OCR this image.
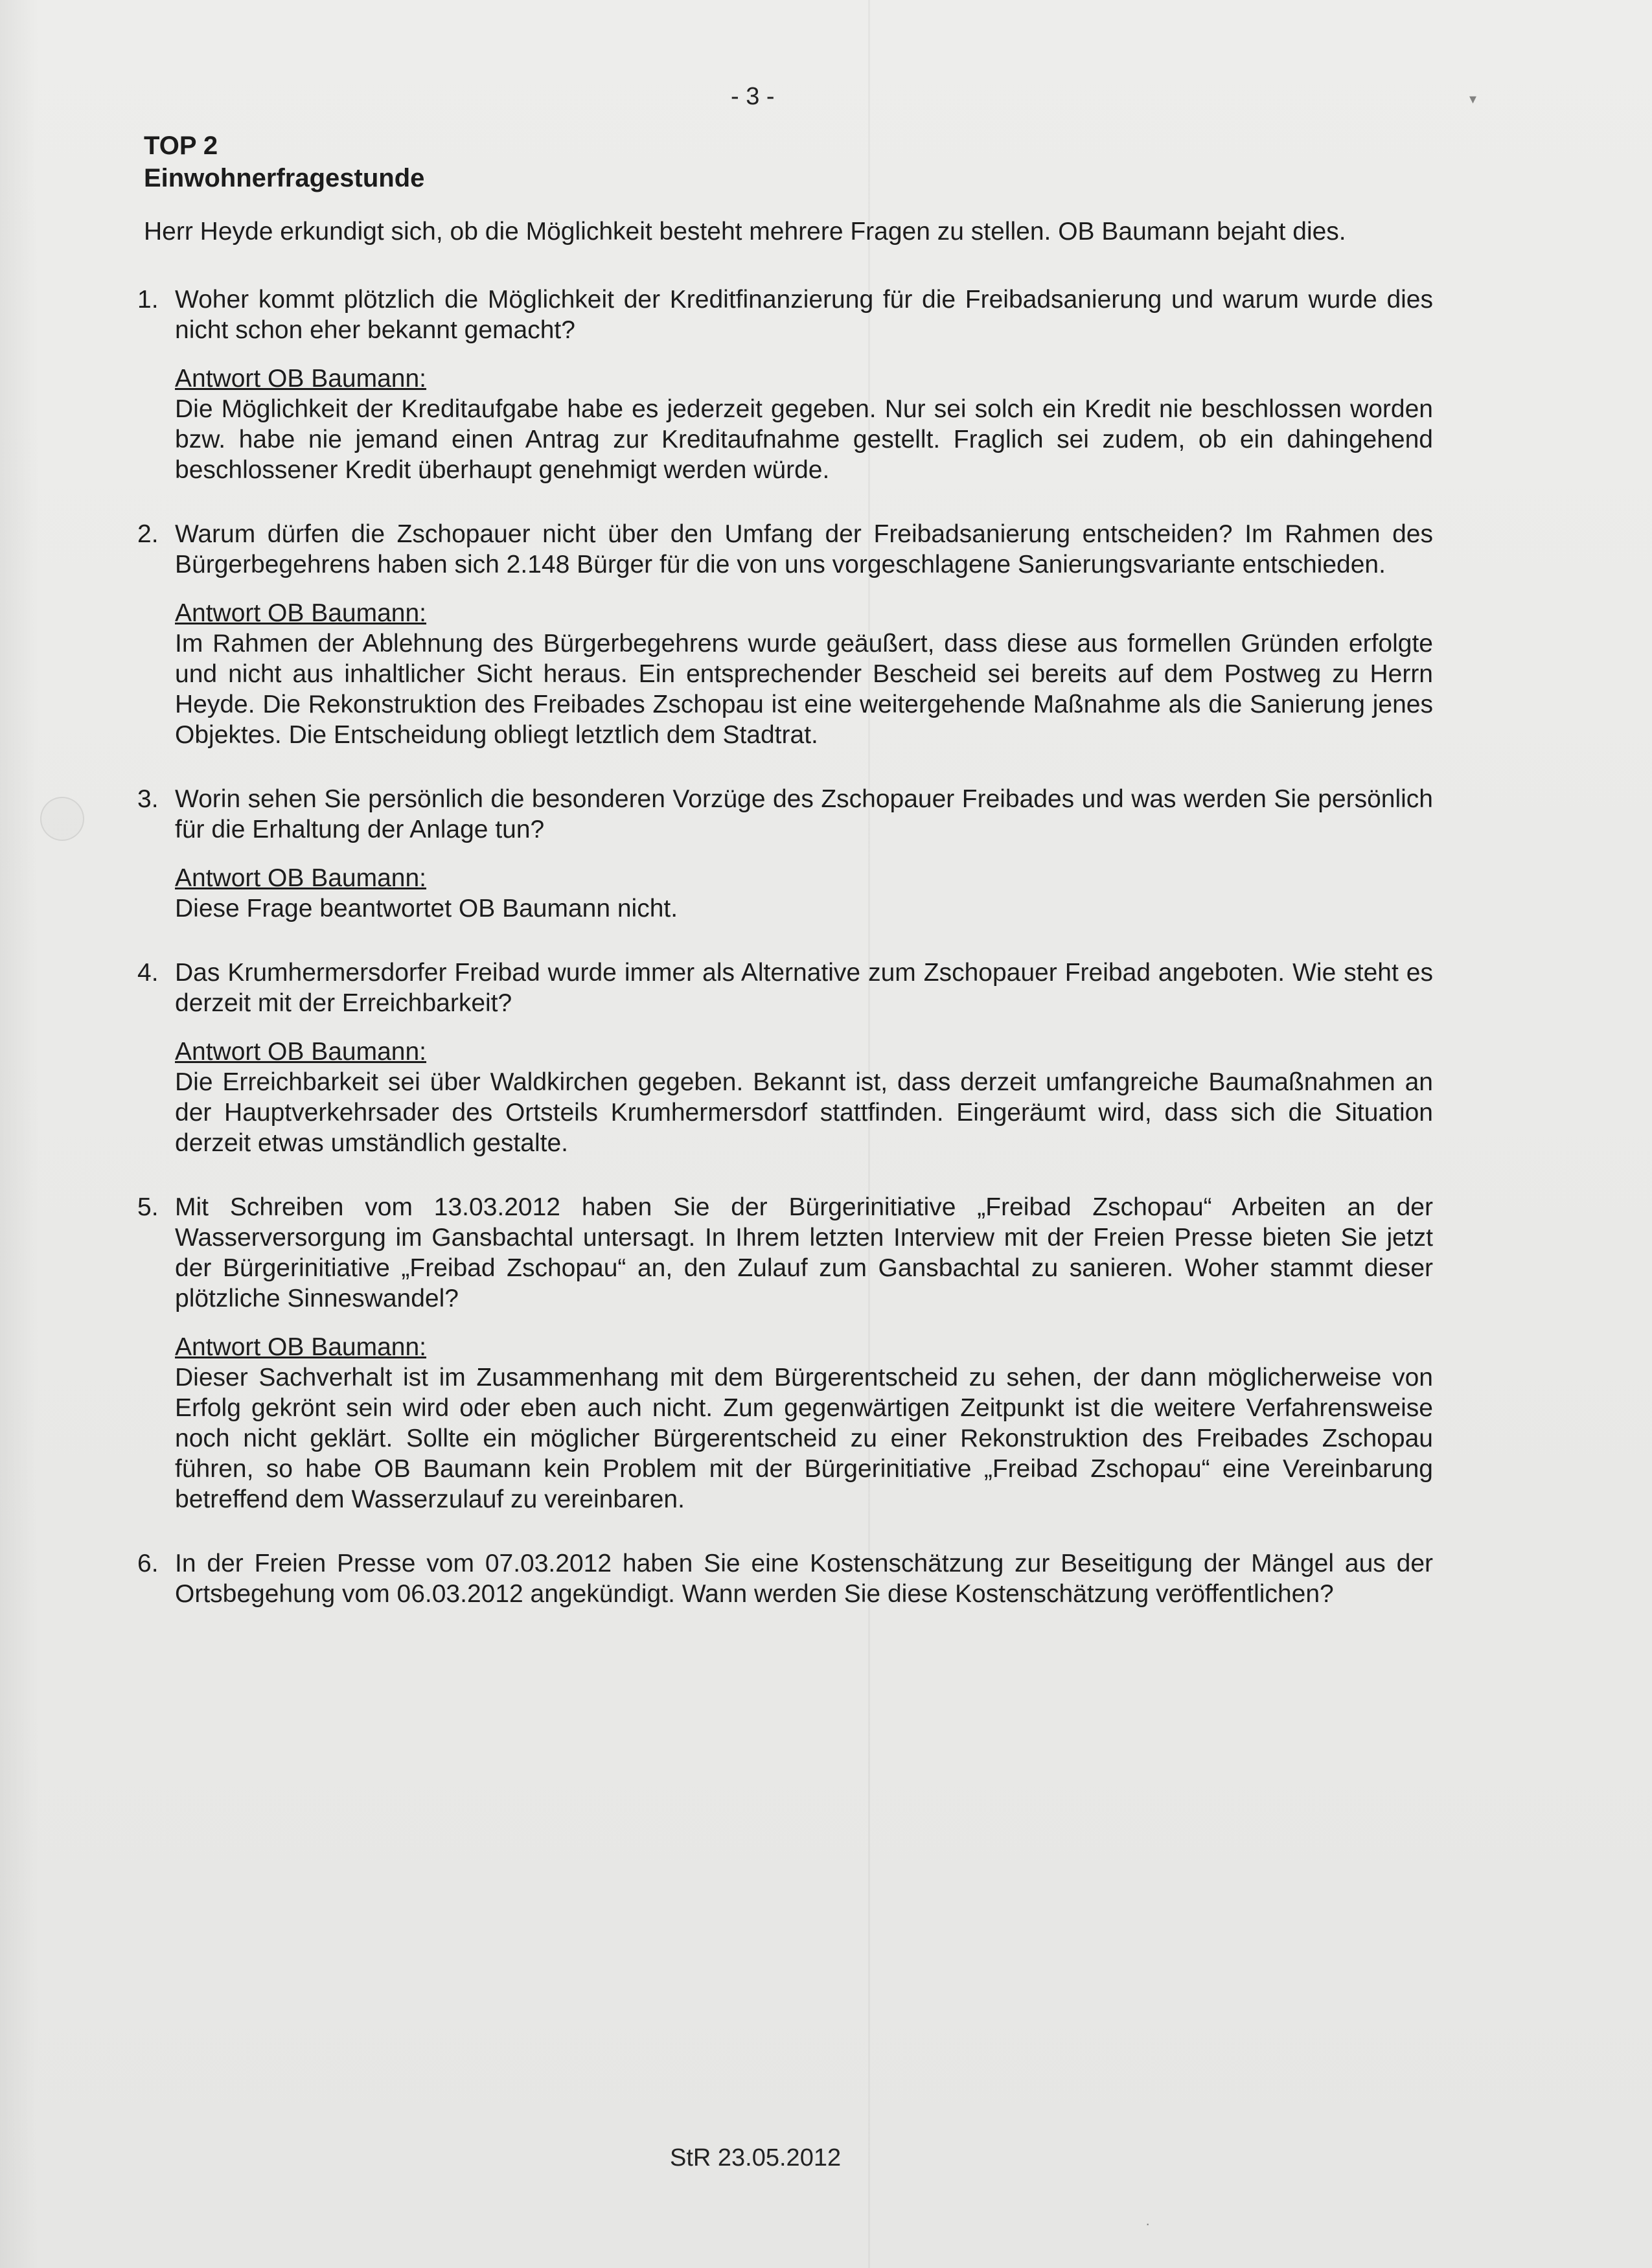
▾
·
- 3 -

TOP 2

Einwohnerfragestunde

Herr Heyde erkundigt sich, ob die Möglichkeit besteht mehrere Fragen zu stellen. OB Baumann bejaht dies.

1. Woher kommt plötzlich die Möglichkeit der Kreditfinanzierung für die Freibadsanierung und warum wurde dies nicht schon eher bekannt gemacht?

Antwort OB Baumann:

Die Möglichkeit der Kreditaufgabe habe es jederzeit gegeben. Nur sei solch ein Kredit nie beschlossen worden bzw. habe nie jemand einen Antrag zur Kreditaufnahme gestellt. Fraglich sei zudem, ob ein dahingehend beschlossener Kredit überhaupt genehmigt werden würde.

2. Warum dürfen die Zschopauer nicht über den Umfang der Freibadsanierung entscheiden? Im Rahmen des Bürgerbegehrens haben sich 2.148 Bürger für die von uns vorgeschlagene Sanierungsvariante entschieden.

Antwort OB Baumann:

Im Rahmen der Ablehnung des Bürgerbegehrens wurde geäußert, dass diese aus formellen Gründen erfolgte und nicht aus inhaltlicher Sicht heraus. Ein entsprechender Bescheid sei bereits auf dem Postweg zu Herrn Heyde. Die Rekonstruktion des Freibades Zschopau ist eine weitergehende Maßnahme als die Sanierung jenes Objektes. Die Entscheidung obliegt letztlich dem Stadtrat.

3. Worin sehen Sie persönlich die besonderen Vorzüge des Zschopauer Freibades und was werden Sie persönlich für die Erhaltung der Anlage tun?

Antwort OB Baumann:

Diese Frage beantwortet OB Baumann nicht.

4. Das Krumhermersdorfer Freibad wurde immer als Alternative zum Zschopauer Freibad angeboten. Wie steht es derzeit mit der Erreichbarkeit?

Antwort OB Baumann:

Die Erreichbarkeit sei über Waldkirchen gegeben. Bekannt ist, dass derzeit umfangreiche Baumaßnahmen an der Hauptverkehrsader des Ortsteils Krumhermersdorf stattfinden. Eingeräumt wird, dass sich die Situation derzeit etwas umständlich gestalte.

5. Mit Schreiben vom 13.03.2012 haben Sie der Bürgerinitiative „Freibad Zschopau“ Arbeiten an der Wasserversorgung im Gansbachtal untersagt. In Ihrem letzten Interview mit der Freien Presse bieten Sie jetzt der Bürgerinitiative „Freibad Zschopau“ an, den Zulauf zum Gansbachtal zu sanieren. Woher stammt dieser plötzliche Sinneswandel?

Antwort OB Baumann:

Dieser Sachverhalt ist im Zusammenhang mit dem Bürgerentscheid zu sehen, der dann möglicherweise von Erfolg gekrönt sein wird oder eben auch nicht. Zum gegenwärtigen Zeitpunkt ist die weitere Verfahrensweise noch nicht geklärt. Sollte ein möglicher Bürgerentscheid zu einer Rekonstruktion des Freibades Zschopau führen, so habe OB Baumann kein Problem mit der Bürgerinitiative „Freibad Zschopau“ eine Vereinbarung betreffend dem Wasserzulauf zu vereinbaren.

6. In der Freien Presse vom 07.03.2012 haben Sie eine Kostenschätzung zur Beseitigung der Mängel aus der Ortsbegehung vom 06.03.2012 angekündigt. Wann werden Sie diese Kostenschätzung veröffentlichen?

StR 23.05.2012
